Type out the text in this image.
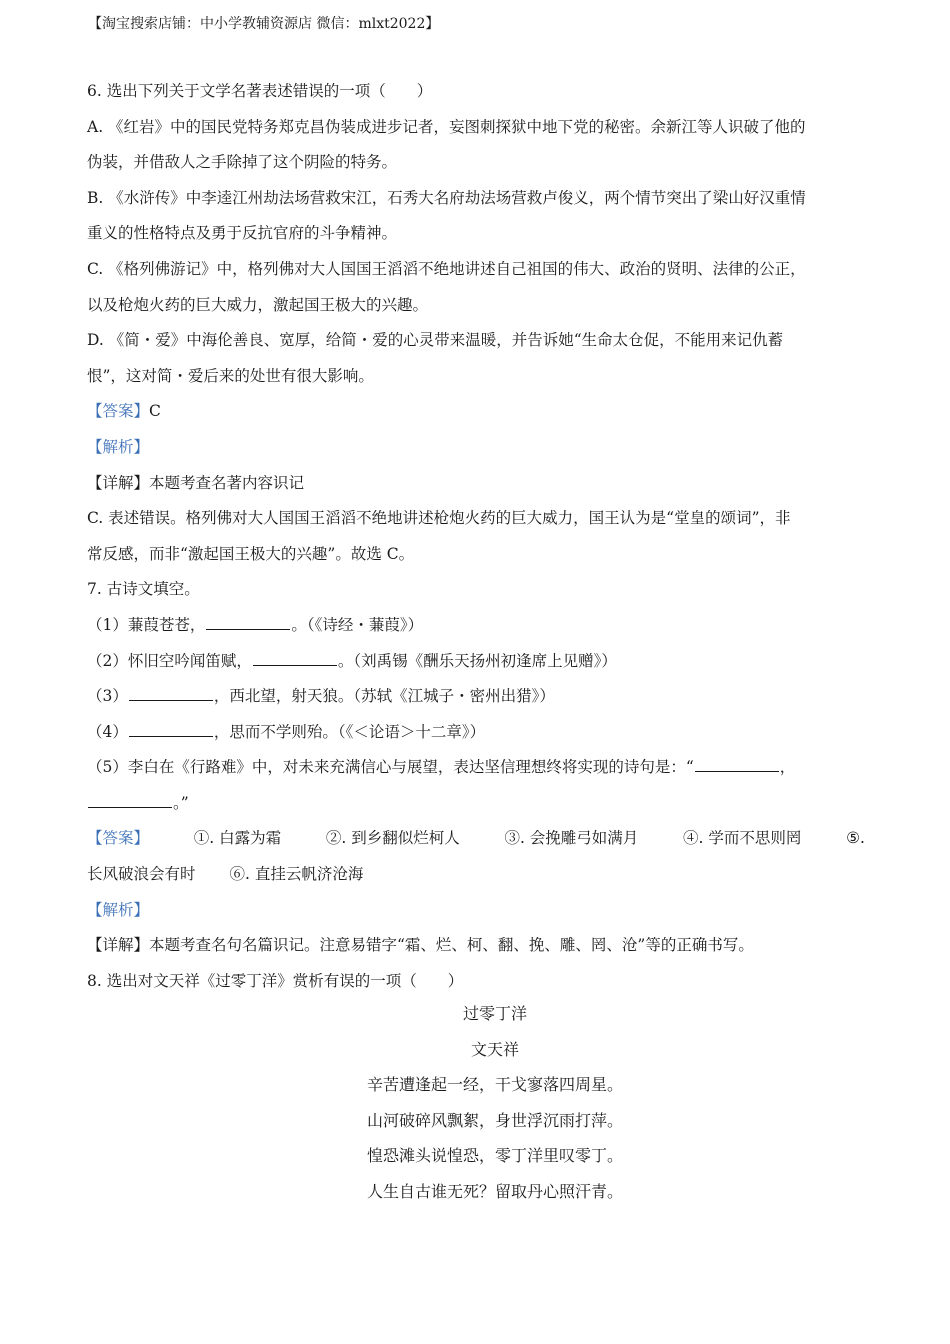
【淘宝搜索店铺：中小学教辅资源店 微信：mlxt2022】
6. 选出下列关于文学名著表述错误的一项（　　）
A. 《红岩》中的国民党特务郑克昌伪装成进步记者，妄图刺探狱中地下党的秘密。余新江等人识破了他的
伪装，并借敌人之手除掉了这个阴险的特务。
B. 《水浒传》中李逵江州劫法场营救宋江，石秀大名府劫法场营救卢俊义，两个情节突出了梁山好汉重情
重义的性格特点及勇于反抗官府的斗争精神。
C. 《格列佛游记》中，格列佛对大人国国王滔滔不绝地讲述自己祖国的伟大、政治的贤明、法律的公正，
以及枪炮火药的巨大威力，激起国王极大的兴趣。
D. 《简・爱》中海伦善良、宽厚，给简・爱的心灵带来温暖，并告诉她“生命太仓促，不能用来记仇蓄
恨”，这对简・爱后来的处世有很大影响。
【答案】C
【解析】
【详解】本题考查名著内容识记
C. 表述错误。格列佛对大人国国王滔滔不绝地讲述枪炮火药的巨大威力，国王认为是“堂皇的颂词”，非
常反感，而非“激起国王极大的兴趣”。故选 C。
7. 古诗文填空。
（1）蒹葭苍苍，	。（《诗经・蒹葭》）
（2）怀旧空吟闻笛赋，	。（刘禹锡《酬乐天扬州初逢席上见赠》）
（3）	，西北望，射天狼。（苏轼《江城子・密州出猎》）
（4）	，思而不学则殆。（《＜论语＞十二章》）
（5）李白在《行路难》中，对未来充满信心与展望，表达坚信理想终将实现的诗句是：“	，
。”
【答案】	①. 白露为霜	②. 到乡翻似烂柯人	③. 会挽雕弓如满月	④. 学而不思则罔	⑤.
长风破浪会有时 ⑥. 直挂云帆济沧海
【解析】
【详解】本题考查名句名篇识记。注意易错字“霜、烂、柯、翻、挽、雕、罔、沧”等的正确书写。
8. 选出对文天祥《过零丁洋》赏析有误的一项（　　）
过零丁洋
文天祥
辛苦遭逢起一经，干戈寥落四周星。
山河破碎风飘絮，身世浮沉雨打萍。
惶恐滩头说惶恐，零丁洋里叹零丁。
人生自古谁无死？留取丹心照汗青。
